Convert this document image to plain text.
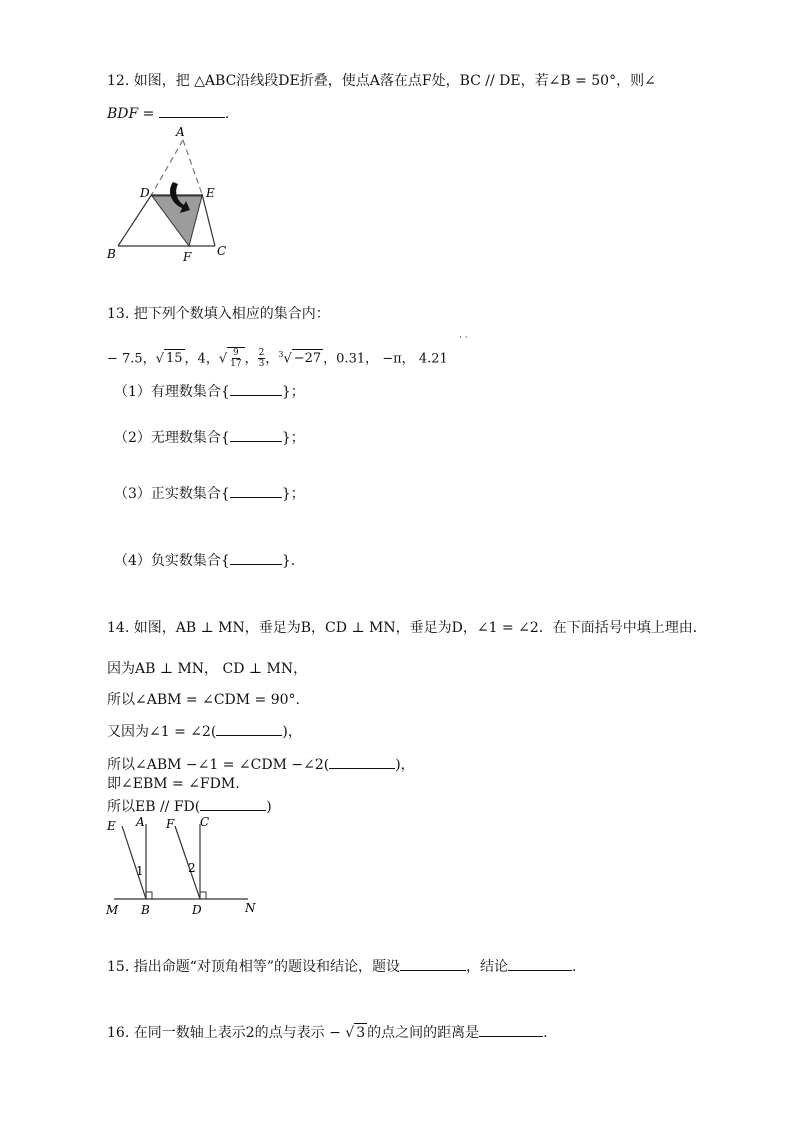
12. 如图，把 △ABC沿线段DE折叠，使点A落在点F处，BC // DE，若∠B = 50°，则∠
BDF =	.
A
D	E
B	F C
13. 把下列个数填入相应的集合内：
· ·
− 7.5，√ 15 ，4，√ $\frac{9}{17}$ ， $\frac{2}{3}$ ，$^3$√ −27 ，0.31， −π， 4.21
（1）有理数集合{	}；
（2）无理数集合{	}；
（3）正实数集合{	}；
（4）负实数集合{	}.
14. 如图，AB ⊥ MN，垂足为B，CD ⊥ MN，垂足为D，∠1 = ∠2．在下面括号中填上理由．
因为AB ⊥ MN， CD ⊥ MN，
所以∠ABM = ∠CDM = 90°.
又因为∠1 = ∠2(	)，
所以∠ABM −∠1 = ∠CDM −∠2(	)，
即∠EBM = ∠FDM.
所以EB // FD(	)
E A F C
1	2
M B	D	N
15. 指出命题“对顶角相等”的题设和结论，题设	，结论	.
16. 在同一数轴上表示2的点与表示 − √ 3 的点之间的距离是	.
